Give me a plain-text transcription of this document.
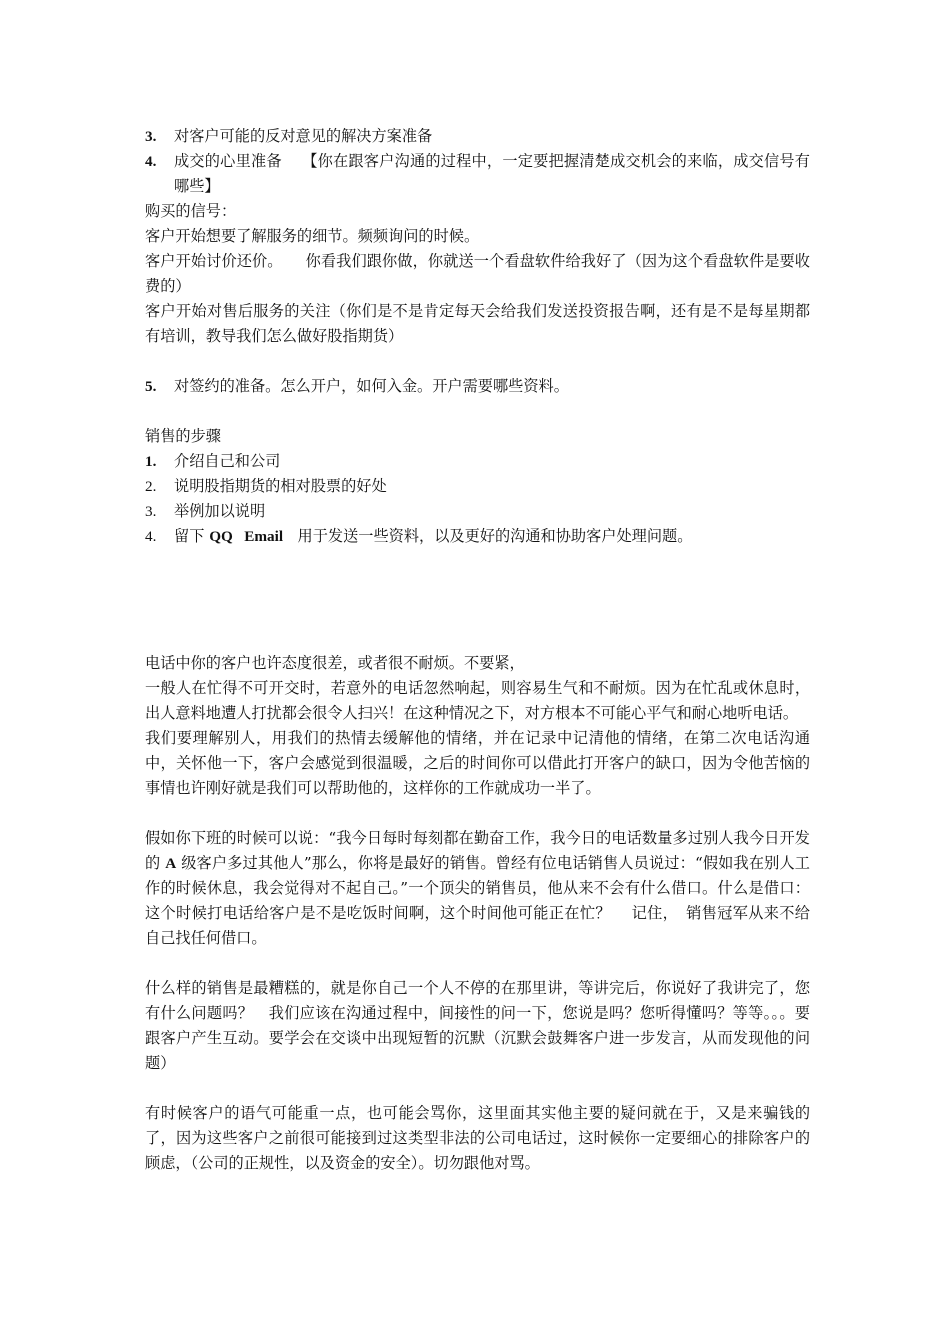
3.	对客户可能的反对意见的解决方案准备
4.	成交的心里准备　 【你在跟客户沟通的过程中，一定要把握清楚成交机会的来临，成交信号有哪些】

购买的信号：

客户开始想要了解服务的细节。频频询问的时候。

客户开始讨价还价。　　你看我们跟你做，你就送一个看盘软件给我好了（因为这个看盘软件是要收费的）

客户开始对售后服务的关注（你们是不是肯定每天会给我们发送投资报告啊，还有是不是每星期都有培训，教导我们怎么做好股指期货）

5.	对签约的准备。怎么开户，如何入金。开户需要哪些资料。

销售的步骤

1.	介绍自己和公司
2.	说明股指期货的相对股票的好处
3.	举例加以说明
4.	留下 QQ   Email   用于发送一些资料，以及更好的沟通和协助客户处理问题。

电话中你的客户也许态度很差，或者很不耐烦。不要紧，

一般人在忙得不可开交时，若意外的电话忽然响起，则容易生气和不耐烦。因为在忙乱或休息时，出人意料地遭人打扰都会很令人扫兴！在这种情况之下，对方根本不可能心平气和耐心地听电话。

我们要理解别人，用我们的热情去缓解他的情绪，并在记录中记清他的情绪，在第二次电话沟通中，关怀他一下，客户会感觉到很温暖，之后的时间你可以借此打开客户的缺口，因为令他苦恼的事情也许刚好就是我们可以帮助他的，这样你的工作就成功一半了。

假如你下班的时候可以说：“我今日每时每刻都在勤奋工作，我今日的电话数量多过别人我今日开发的 A 级客户多过其他人”那么，你将是最好的销售。曾经有位电话销售人员说过：“假如我在别人工作的时候休息，我会觉得对不起自己。”一个顶尖的销售员，他从来不会有什么借口。什么是借口：这个时候打电话给客户是不是吃饭时间啊，这个时间他可能正在忙？　 记住，　销售冠军从来不给自己找任何借口。

什么样的销售是最糟糕的，就是你自己一个人不停的在那里讲，等讲完后，你说好了我讲完了，您有什么问题吗？　我们应该在沟通过程中，间接性的问一下，您说是吗？您听得懂吗？等等。。。要跟客户产生互动。要学会在交谈中出现短暂的沉默（沉默会鼓舞客户进一步发言，从而发现他的问题）

有时候客户的语气可能重一点，也可能会骂你，这里面其实他主要的疑问就在于，又是来骗钱的了，因为这些客户之前很可能接到过这类型非法的公司电话过，这时候你一定要细心的排除客户的顾虑，（公司的正规性，以及资金的安全）。切勿跟他对骂。
